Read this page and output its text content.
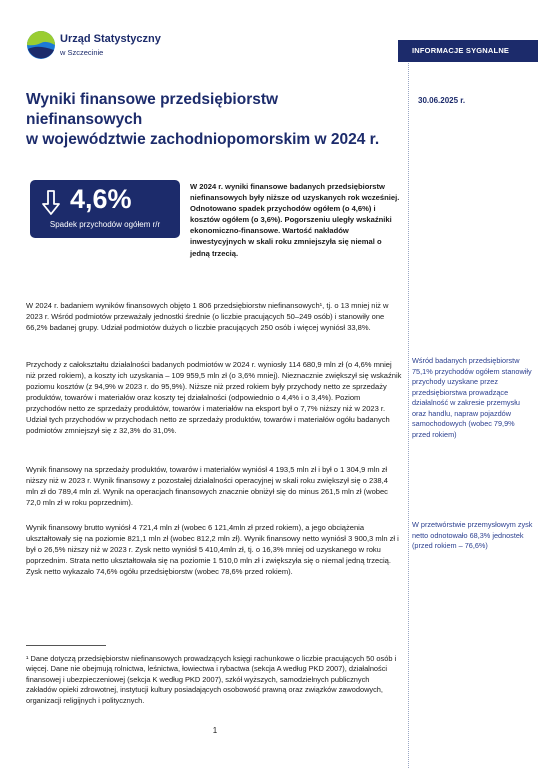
Urząd Statystyczny
w Szczecinie	INFORMACJE SYGNALNE
Wyniki finansowe przedsiębiorstw niefinansowych
w województwie zachodniopomorskim w 2024 r.
30.06.2025 r.
4,6%
Spadek przychodów ogółem r/r
W 2024 r. wyniki finansowe badanych przedsiębiorstw niefinansowych były niższe od uzyskanych rok wcześniej. Odnotowano spadek przychodów ogółem (o 4,6%) i kosztów ogółem (o 3,6%). Pogorszeniu uległy wskaźniki ekonomiczno-finansowe. Wartość nakładów inwestycyjnych w skali roku zmniejszyła się niemal o jedną trzecią.
W 2024 r. badaniem wyników finansowych objęto 1 806 przedsiębiorstw niefinansowych¹, tj. o 13 mniej niż w 2023 r. Wśród podmiotów przeważały jednostki średnie (o liczbie pracujących 50–249 osób) i stanowiły one 66,2% badanej grupy. Udział podmiotów dużych o liczbie pracujących 250 osób i więcej wyniósł 33,8%.
Przychody z całokształtu działalności badanych podmiotów w 2024 r. wyniosły 114 680,9 mln zł (o 4,6% mniej niż przed rokiem), a koszty ich uzyskania – 109 959,5 mln zł (o 3,6% mniej). Nieznacznie zwiększył się wskaźnik poziomu kosztów (z 94,9% w 2023 r. do 95,9%). Niższe niż przed rokiem były przychody netto ze sprzedaży produktów, towarów i materiałów oraz koszty tej działalności (odpowiednio o 4,4% i o 3,4%). Poziom przychodów netto ze sprzedaży produktów, towarów i materiałów na eksport był o 7,7% niższy niż w 2023 r. Udział tych przychodów w przychodach netto ze sprzedaży produktów, towarów i materiałów ogółu badanych podmiotów zmniejszył się z 32,3% do 31,0%.
Wynik finansowy na sprzedaży produktów, towarów i materiałów wyniósł 4 193,5 mln zł i był o 1 304,9 mln zł niższy niż w 2023 r. Wynik finansowy z pozostałej działalności operacyjnej w skali roku zwiększył się o 238,4 mln zł do 789,4 mln zł. Wynik na operacjach finansowych znacznie obniżył się do minus 261,5 mln zł (wobec 72,0 mln zł w roku poprzednim).
Wynik finansowy brutto wyniósł 4 721,4 mln zł (wobec 6 121,4mln zł przed rokiem), a jego obciążenia ukształtowały się na poziomie 821,1 mln zł (wobec 812,2 mln zł). Wynik finansowy netto wyniósł 3 900,3 mln zł i był o 26,5% niższy niż w 2023 r. Zysk netto wyniósł 5 410,4mln zł, tj. o 16,3% mniej od uzyskanego w roku poprzednim. Strata netto ukształtowała się na poziomie 1 510,0 mln zł i zwiększyła się o niemal jedną trzecią. Zysk netto wykazało 74,6% ogółu przedsiębiorstw (wobec 78,6% przed rokiem).
Wśród badanych przedsiębiorstw 75,1% przychodów ogółem stanowiły przychody uzyskane przez przedsiębiorstwa prowadzące działalność w zakresie przemysłu oraz handlu, napraw pojazdów samochodowych (wobec 79,9% przed rokiem)
W przetwórstwie przemysłowym zysk netto odnotowało 68,3% jednostek (przed rokiem – 76,6%)
¹ Dane dotyczą przedsiębiorstw niefinansowych prowadzących księgi rachunkowe o liczbie pracujących 50 osób i więcej. Dane nie obejmują rolnictwa, leśnictwa, łowiectwa i rybactwa (sekcja A według PKD 2007), działalności finansowej i ubezpieczeniowej (sekcja K według PKD 2007), szkół wyższych, samodzielnych publicznych zakładów opieki zdrowotnej, instytucji kultury posiadających osobowość prawną oraz związków zawodowych, organizacji religijnych i politycznych.
1
